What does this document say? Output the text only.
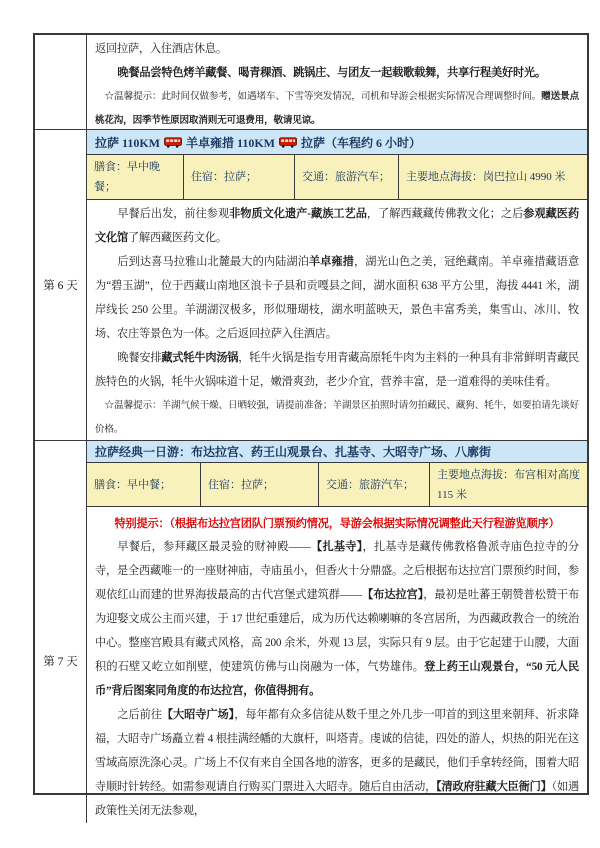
返回拉萨，入住酒店休息。

晚餐品尝特色烤羊藏餐、喝青稞酒、跳锅庄、与团友一起载歌载舞，共享行程美好时光。

☆温馨提示：此时间仅做参考，如遇堵车、下雪等突发情况，司机和导游会根据实际情况合理调整时间。赠送景点桃花沟，因季节性原因取消则无可退费用，敬请见谅。

第 6 天
拉萨 110KM 羊卓雍措 110KM 拉萨（车程约 6 小时）
膳食：早中晚餐；
住宿：拉萨；	交通：旅游汽车；	主要地点海拔：岗巴拉山 4990 米

早餐后出发，前往参观非物质文化遗产-藏族工艺品，了解西藏藏传佛教文化；之后参观藏医药文化馆了解西藏医药文化。

后到达喜马拉雅山北麓最大的内陆湖泊羊卓雍措，湖光山色之美，冠绝藏南。羊卓雍措藏语意为“碧玉湖”，位于西藏山南地区浪卡子县和贡嘎县之间，湖水面积 638 平方公里，海拔 4441 米，湖岸线长 250 公里。羊湖湖汊极多，形似珊瑚枝，湖水明蓝映天，景色丰富秀美，集雪山、冰川、牧场、农庄等景色为一体。之后返回拉萨入住酒店。

晚餐安排藏式牦牛肉汤锅，牦牛火锅是指专用青藏高原牦牛肉为主料的一种具有非常鲜明青藏民族特色的火锅，牦牛火锅味道十足，嫩滑爽劲，老少介宜，营养丰富，是一道难得的美味佳肴。

☆温馨提示：羊湖气候干燥、日晒较强，请提前准备；羊湖景区拍照时请勿拍藏民、藏狗、牦牛，如要拍请先谈好价格。

第 7 天
拉萨经典一日游：布达拉宫、药王山观景台、扎基寺、大昭寺广场、八廓街
膳食：早中餐；	住宿：拉萨；	交通：旅游汽车；
主要地点海拔：布宫相对高度 115 米

特别提示：（根据布达拉宫团队门票预约情况，导游会根据实际情况调整此天行程游览顺序）

早餐后，参拜藏区最灵验的财神殿——【扎基寺】，扎基寺是藏传佛教格鲁派寺庙色拉寺的分寺，是全西藏唯一的一座财神庙，寺庙虽小，但香火十分鼎盛。之后根据布达拉宫门票预约时间，参观依红山而建的世界海拔最高的古代宫堡式建筑群——【布达拉宫】，最初是吐蕃王朝赞普松赞干布为迎娶文成公主而兴建，于 17 世纪重建后，成为历代达赖喇嘛的冬宫居所，为西藏政教合一的统治中心。整座宫殿具有藏式风格，高 200 余米，外观 13 层，实际只有 9 层。由于它起建于山腰，大面积的石壁又屹立如削壁，使建筑仿佛与山岗融为一体，气势雄伟。登上药王山观景台，“50 元人民币”背后图案同角度的布达拉宫，你值得拥有。

之后前往【大昭寺广场】，每年都有众多信徒从数千里之外几步一叩首的到这里来朝拜、祈求降福，大昭寺广场矗立着 4 根挂满经幡的大旗杆，叫塔青。虔诚的信徒，四处的游人，炽热的阳光在这雪域高原洗涤心灵。广场上不仅有来自全国各地的游客，更多的是藏民，他们手拿转经筒，围着大昭寺顺时针转经。如需参观请自行购买门票进入大昭寺。随后自由活动，【清政府驻藏大臣衙门】（如遇政策性关闭无法参观，
